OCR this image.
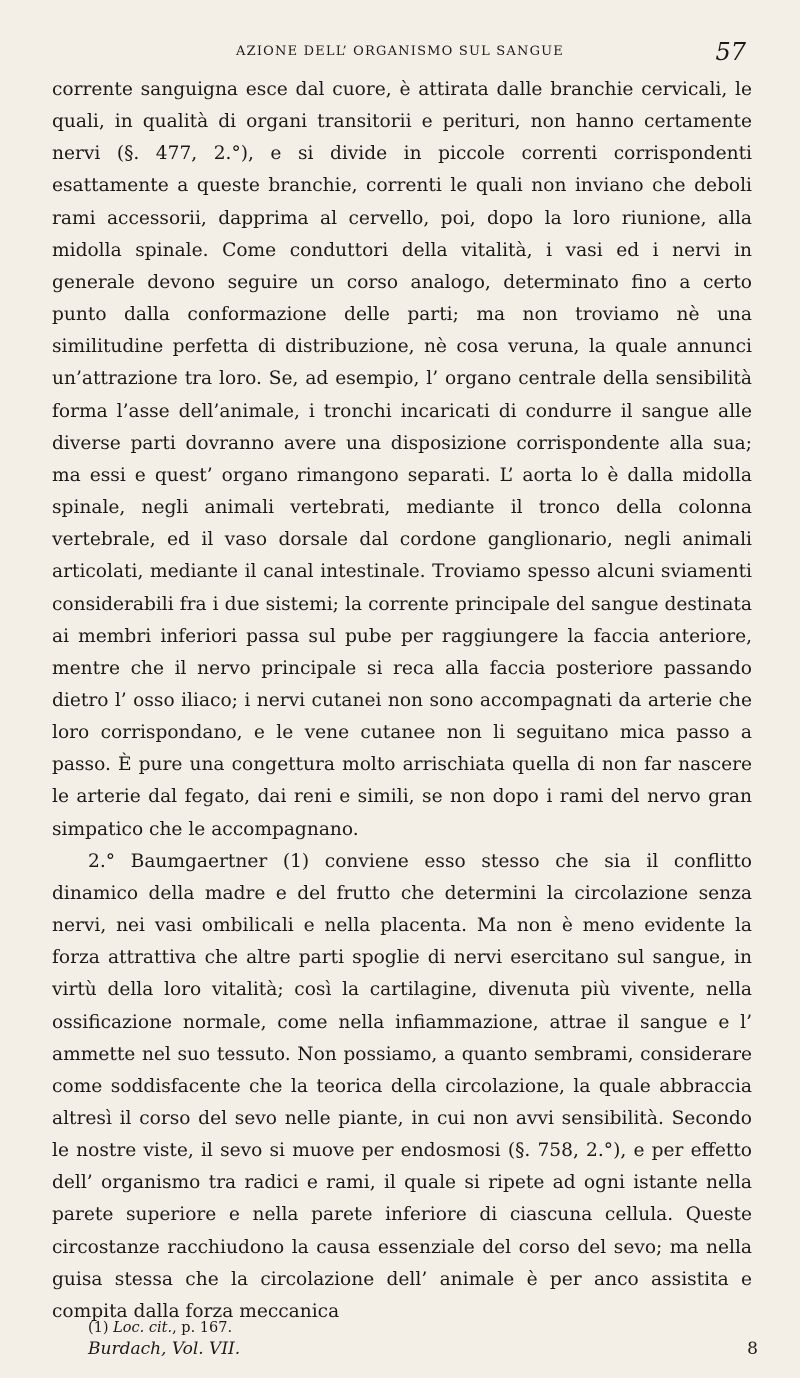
AZIONE DELL’ ORGANISMO SUL SANGUE	57

corrente sanguigna esce dal cuore, è attirata dalle branchie cervicali, le quali, in qualità di organi transitorii e perituri, non hanno certamente nervi (§. 477, 2.°), e si divide in piccole correnti corrispondenti esattamente a queste branchie, correnti le quali non inviano che deboli rami accessorii, dapprima al cervello, poi, dopo la loro riunione, alla midolla spinale. Come conduttori della vitalità, i vasi ed i nervi in generale devono seguire un corso analogo, determinato fino a certo punto dalla conformazione delle parti; ma non troviamo nè una similitudine perfetta di distribuzione, nè cosa veruna, la quale annunci un’attrazione tra loro. Se, ad esempio, l’ organo centrale della sensibilità forma l’asse dell’animale, i tronchi incaricati di condurre il sangue alle diverse parti dovranno avere una disposizione corrispondente alla sua; ma essi e quest’ organo rimangono separati. L’ aorta lo è dalla midolla spinale, negli animali vertebrati, mediante il tronco della colonna vertebrale, ed il vaso dorsale dal cordone ganglionario, negli animali articolati, mediante il canal intestinale. Troviamo spesso alcuni sviamenti considerabili fra i due sistemi; la corrente principale del sangue destinata ai membri inferiori passa sul pube per raggiungere la faccia anteriore, mentre che il nervo principale si reca alla faccia posteriore passando dietro l’ osso iliaco; i nervi cutanei non sono accompagnati da arterie che loro corrispondano, e le vene cutanee non li seguitano mica passo a passo. È pure una congettura molto arrischiata quella di non far nascere le arterie dal fegato, dai reni e simili, se non dopo i rami del nervo gran simpatico che le accompagnano.

2.° Baumgaertner (1) conviene esso stesso che sia il conflitto dinamico della madre e del frutto che determini la circolazione senza nervi, nei vasi ombilicali e nella placenta. Ma non è meno evidente la forza attrattiva che altre parti spoglie di nervi esercitano sul sangue, in virtù della loro vitalità; così la cartilagine, divenuta più vivente, nella ossificazione normale, come nella infiammazione, attrae il sangue e l’ ammette nel suo tessuto. Non possiamo, a quanto sembrami, considerare come soddisfacente che la teorica della circolazione, la quale abbraccia altresì il corso del sevo nelle piante, in cui non avvi sensibilità. Secondo le nostre viste, il sevo si muove per endosmosi (§. 758, 2.°), e per effetto dell’ organismo tra radici e rami, il quale si ripete ad ogni istante nella parete superiore e nella parete inferiore di ciascuna cellula. Queste circostanze racchiudono la causa essenziale del corso del sevo; ma nella guisa stessa che la circolazione dell’ animale è per anco assistita e compita dalla forza meccanica

(1) Loc. cit., p. 167.
Burdach, Vol. VII.	8
